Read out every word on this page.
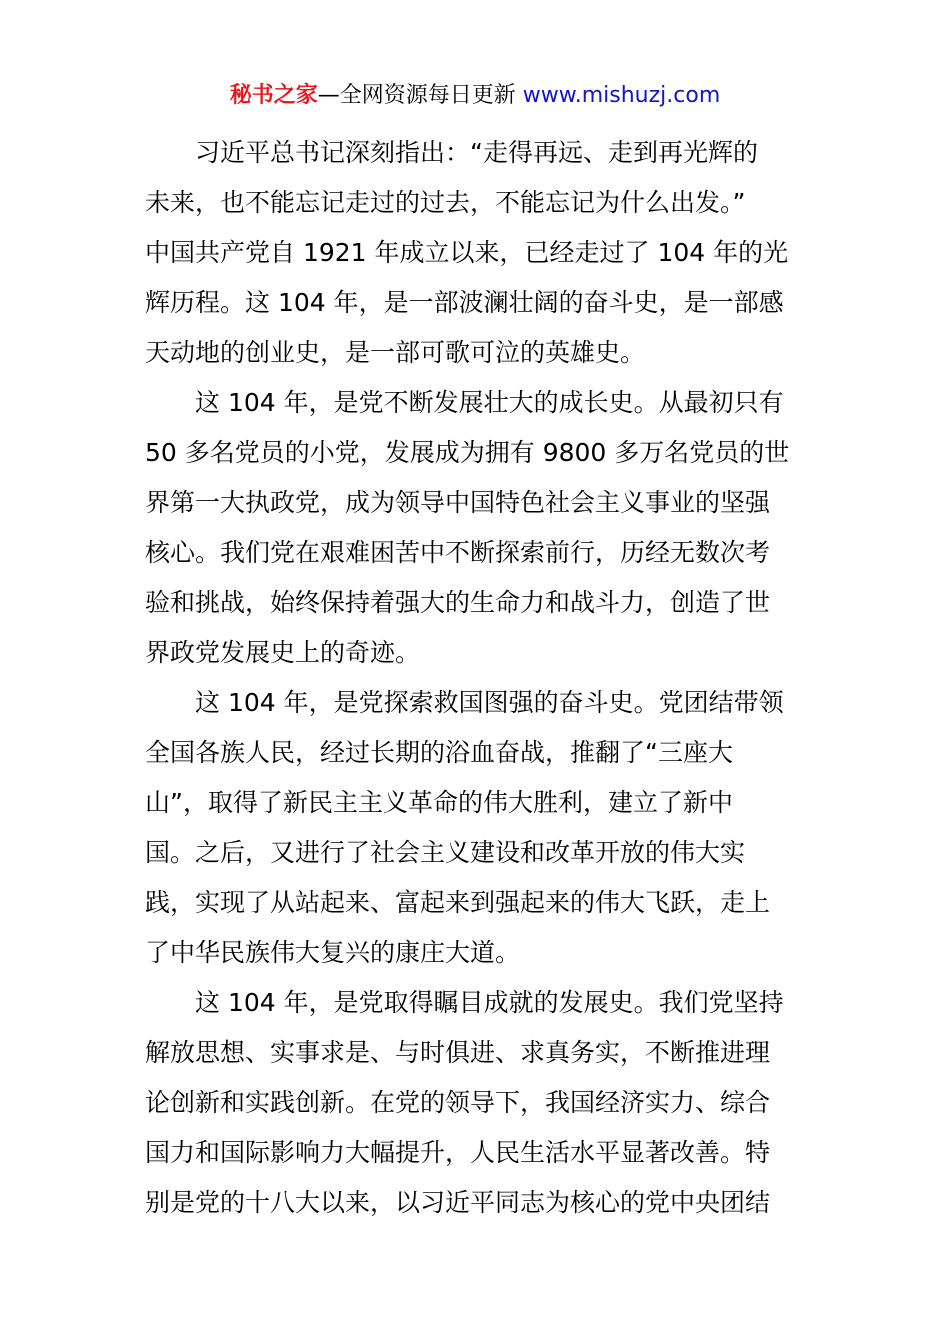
秘书之家—全网资源每日更新 www.mishuzj.com
习近平总书记深刻指出：“走得再远、走到再光辉的
未来，也不能忘记走过的过去，不能忘记为什么出发。”
中国共产党自 1921 年成立以来，已经走过了 104 年的光
辉历程。这 104 年，是一部波澜壮阔的奋斗史，是一部感
天动地的创业史，是一部可歌可泣的英雄史。
这 104 年，是党不断发展壮大的成长史。从最初只有
50 多名党员的小党，发展成为拥有 9800 多万名党员的世
界第一大执政党，成为领导中国特色社会主义事业的坚强
核心。我们党在艰难困苦中不断探索前行，历经无数次考
验和挑战，始终保持着强大的生命力和战斗力，创造了世
界政党发展史上的奇迹。
这 104 年，是党探索救国图强的奋斗史。党团结带领
全国各族人民，经过长期的浴血奋战，推翻了“三座大
山”，取得了新民主主义革命的伟大胜利，建立了新中
国。之后，又进行了社会主义建设和改革开放的伟大实
践，实现了从站起来、富起来到强起来的伟大飞跃，走上
了中华民族伟大复兴的康庄大道。
这 104 年，是党取得瞩目成就的发展史。我们党坚持
解放思想、实事求是、与时俱进、求真务实，不断推进理
论创新和实践创新。在党的领导下，我国经济实力、综合
国力和国际影响力大幅提升，人民生活水平显著改善。特
别是党的十八大以来，以习近平同志为核心的党中央团结
